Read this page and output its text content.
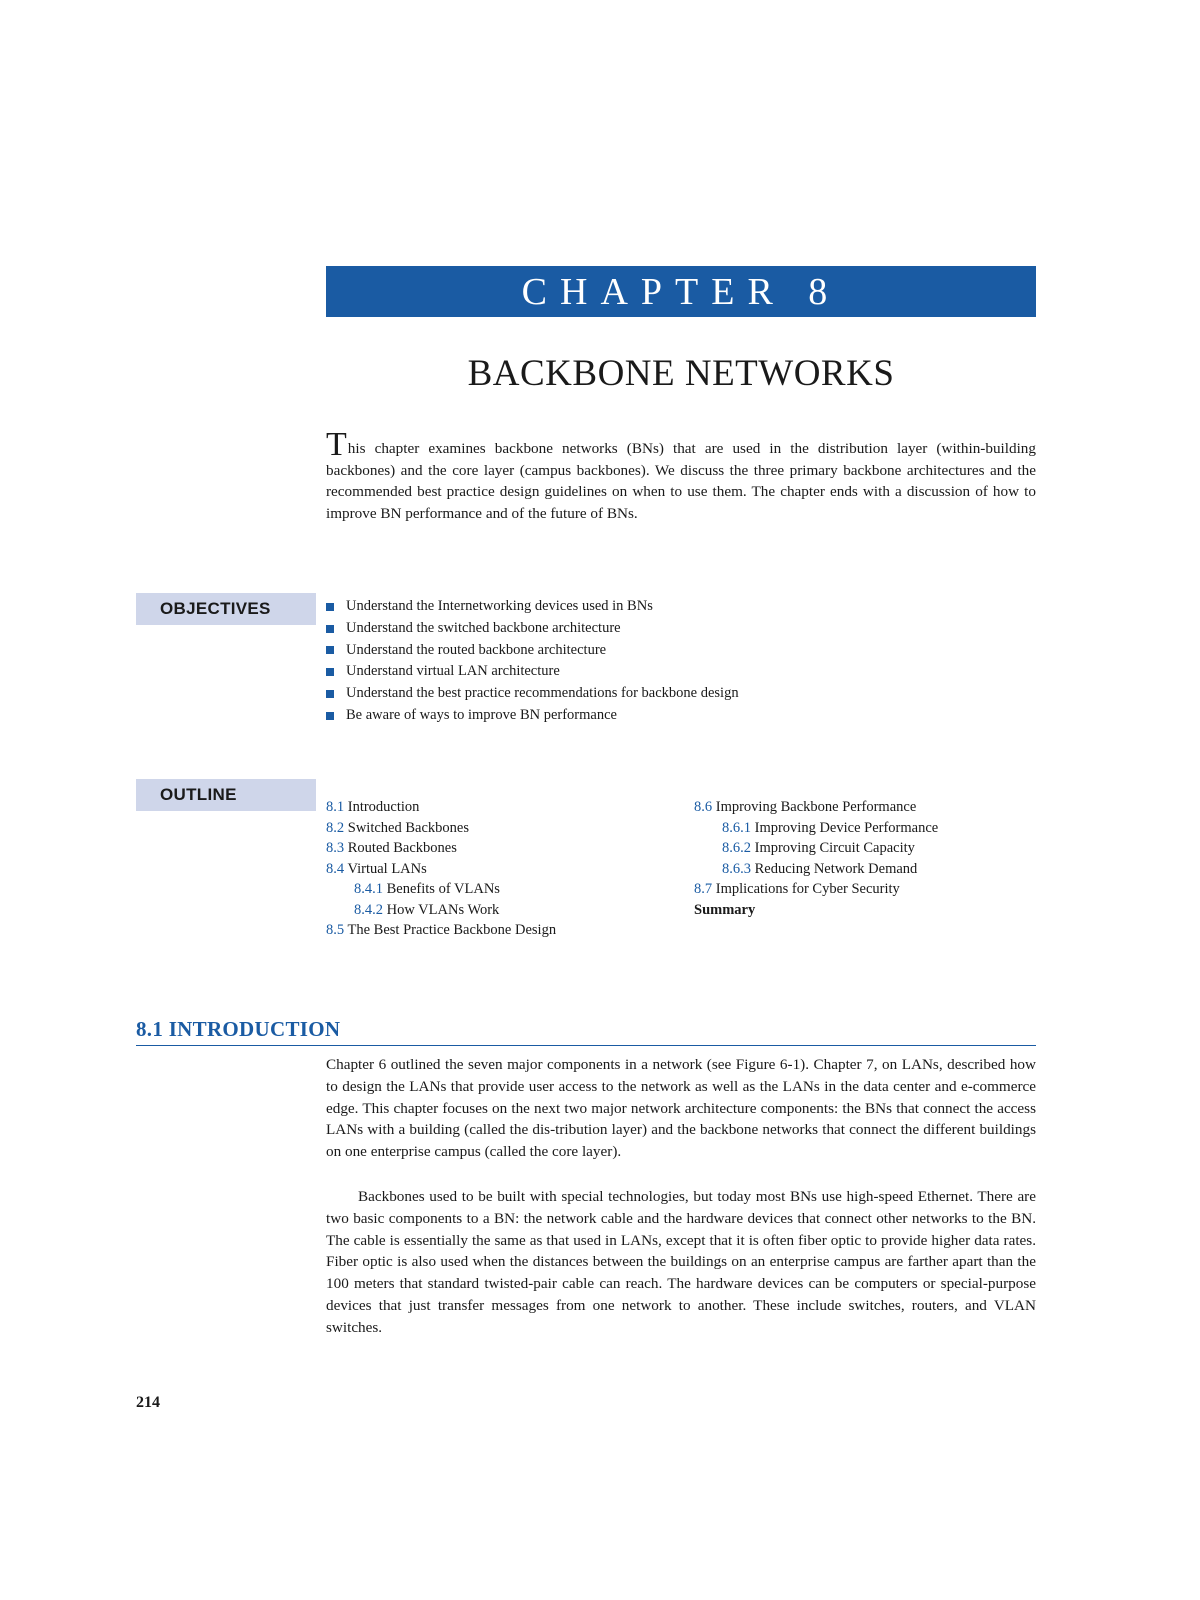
CHAPTER 8
BACKBONE NETWORKS

This chapter examines backbone networks (BNs) that are used in the distribution layer (within-building backbones) and the core layer (campus backbones). We discuss the three primary backbone architectures and the recommended best practice design guidelines on when to use them. The chapter ends with a discussion of how to improve BN performance and of the future of BNs.

OBJECTIVES	Understand the Internetworking devices used in BNs
Understand the switched backbone architecture
Understand the routed backbone architecture
Understand virtual LAN architecture
Understand the best practice recommendations for backbone design
Be aware of ways to improve BN performance
OUTLINE
8.1 Introduction
8.2 Switched Backbones
8.3 Routed Backbones
8.4 Virtual LANs
8.4.1 Benefits of VLANs
8.4.2 How VLANs Work
8.5 The Best Practice Backbone Design
8.6 Improving Backbone Performance
8.6.1 Improving Device Performance
8.6.2 Improving Circuit Capacity
8.6.3 Reducing Network Demand
8.7 Implications for Cyber Security
Summary
8.1 INTRODUCTION

Chapter 6 outlined the seven major components in a network (see Figure 6-1). Chapter 7, on LANs, described how to design the LANs that provide user access to the network as well as the LANs in the data center and e-commerce edge. This chapter focuses on the next two major network architecture components: the BNs that connect the access LANs with a building (called the dis-tribution layer) and the backbone networks that connect the different buildings on one enterprise campus (called the core layer).

Backbones used to be built with special technologies, but today most BNs use high-speed Ethernet. There are two basic components to a BN: the network cable and the hardware devices that connect other networks to the BN. The cable is essentially the same as that used in LANs, except that it is often fiber optic to provide higher data rates. Fiber optic is also used when the distances between the buildings on an enterprise campus are farther apart than the 100 meters that standard twisted-pair cable can reach. The hardware devices can be computers or special-purpose devices that just transfer messages from one network to another. These include switches, routers, and VLAN switches.

214
